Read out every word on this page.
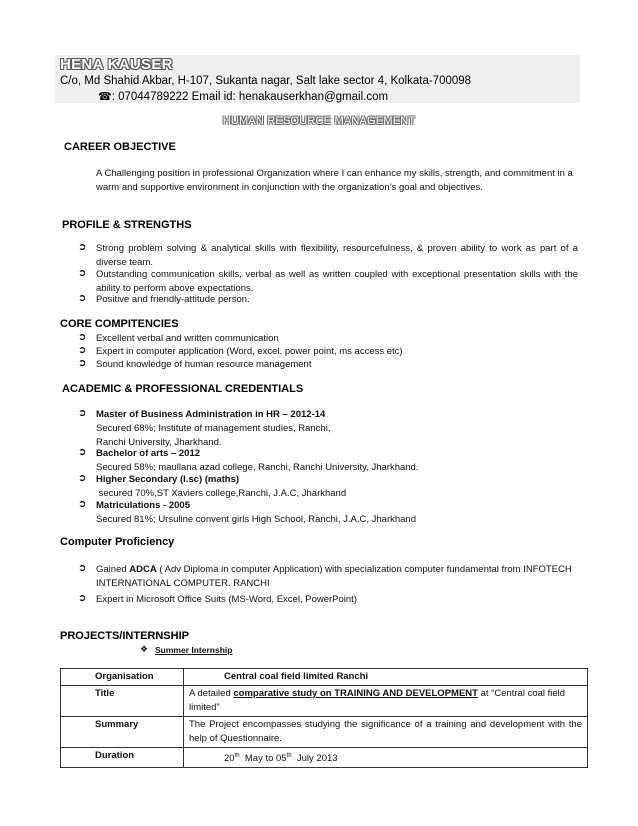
HENA KAUSER
C/o, Md Shahid Akbar, H-107, Sukanta nagar, Salt lake sector 4, Kolkata-700098
☎: 07044789222 Email id: henakauserkhan@gmail.com
HUMAN RESOURCE MANAGEMENT
CAREER OBJECTIVE
A Challenging position in professional Organization where I can enhance my skills, strength, and commitment in a
warm and supportive environment in conjunction with the organization’s goal and objectives.
PROFILE & STRENGTHS
➲ Strong problem solving & analytical skills with flexibility, resourcefulness, & proven ability to work as part of a
diverse team.
➲ Outstanding communication skills, verbal as well as written coupled with exceptional presentation skills with the
ability to perform above expectations.
➲ Positive and friendly-attitude person.
CORE COMPITENCIES
➲ Excellent verbal and written communication
➲ Expert in computer application (Word, excel, power point, ms access etc)
➲ Sound knowledge of human resource management
ACADEMIC & PROFESSIONAL CREDENTIALS
➲ Master of Business Administration in HR – 2012-14
Secured 68%; Institute of management studies, Ranchi,
Ranchi University, Jharkhand.
➲ Bachelor of arts – 2012
Secured 58%; maullana azad college, Ranchi, Ranchi University, Jharkhand.
➲ Higher Secondary (I.sc) (maths)
secured 70%,ST Xaviers college,Ranchi, J.A.C, Jharkhand
➲ Matriculations - 2005
Secured 81%; Ursuline convent girls High School, Ranchi, J.A.C, Jharkhand
Computer Proficiency
➲ Gained ADCA ( Adv Diploma in computer Application) with specialization computer fundamental from INFOTECH
INTERNATIONAL COMPUTER. RANCHI
➲ Expert in Microsoft Office Suits (MS-Word, Excel, PowerPoint)
PROJECTS/INTERNSHIP
❖ Summer Internship
Organisation	Central coal field limited Ranchi
Title	A detailed comparative study on TRAINING AND DEVELOPMENT at “Central coal field
limited”
Summary	The Project encompasses studying the significance of a training and development with the
help of Questionnaire.

Duration	20th  May to 05th  July 2013
